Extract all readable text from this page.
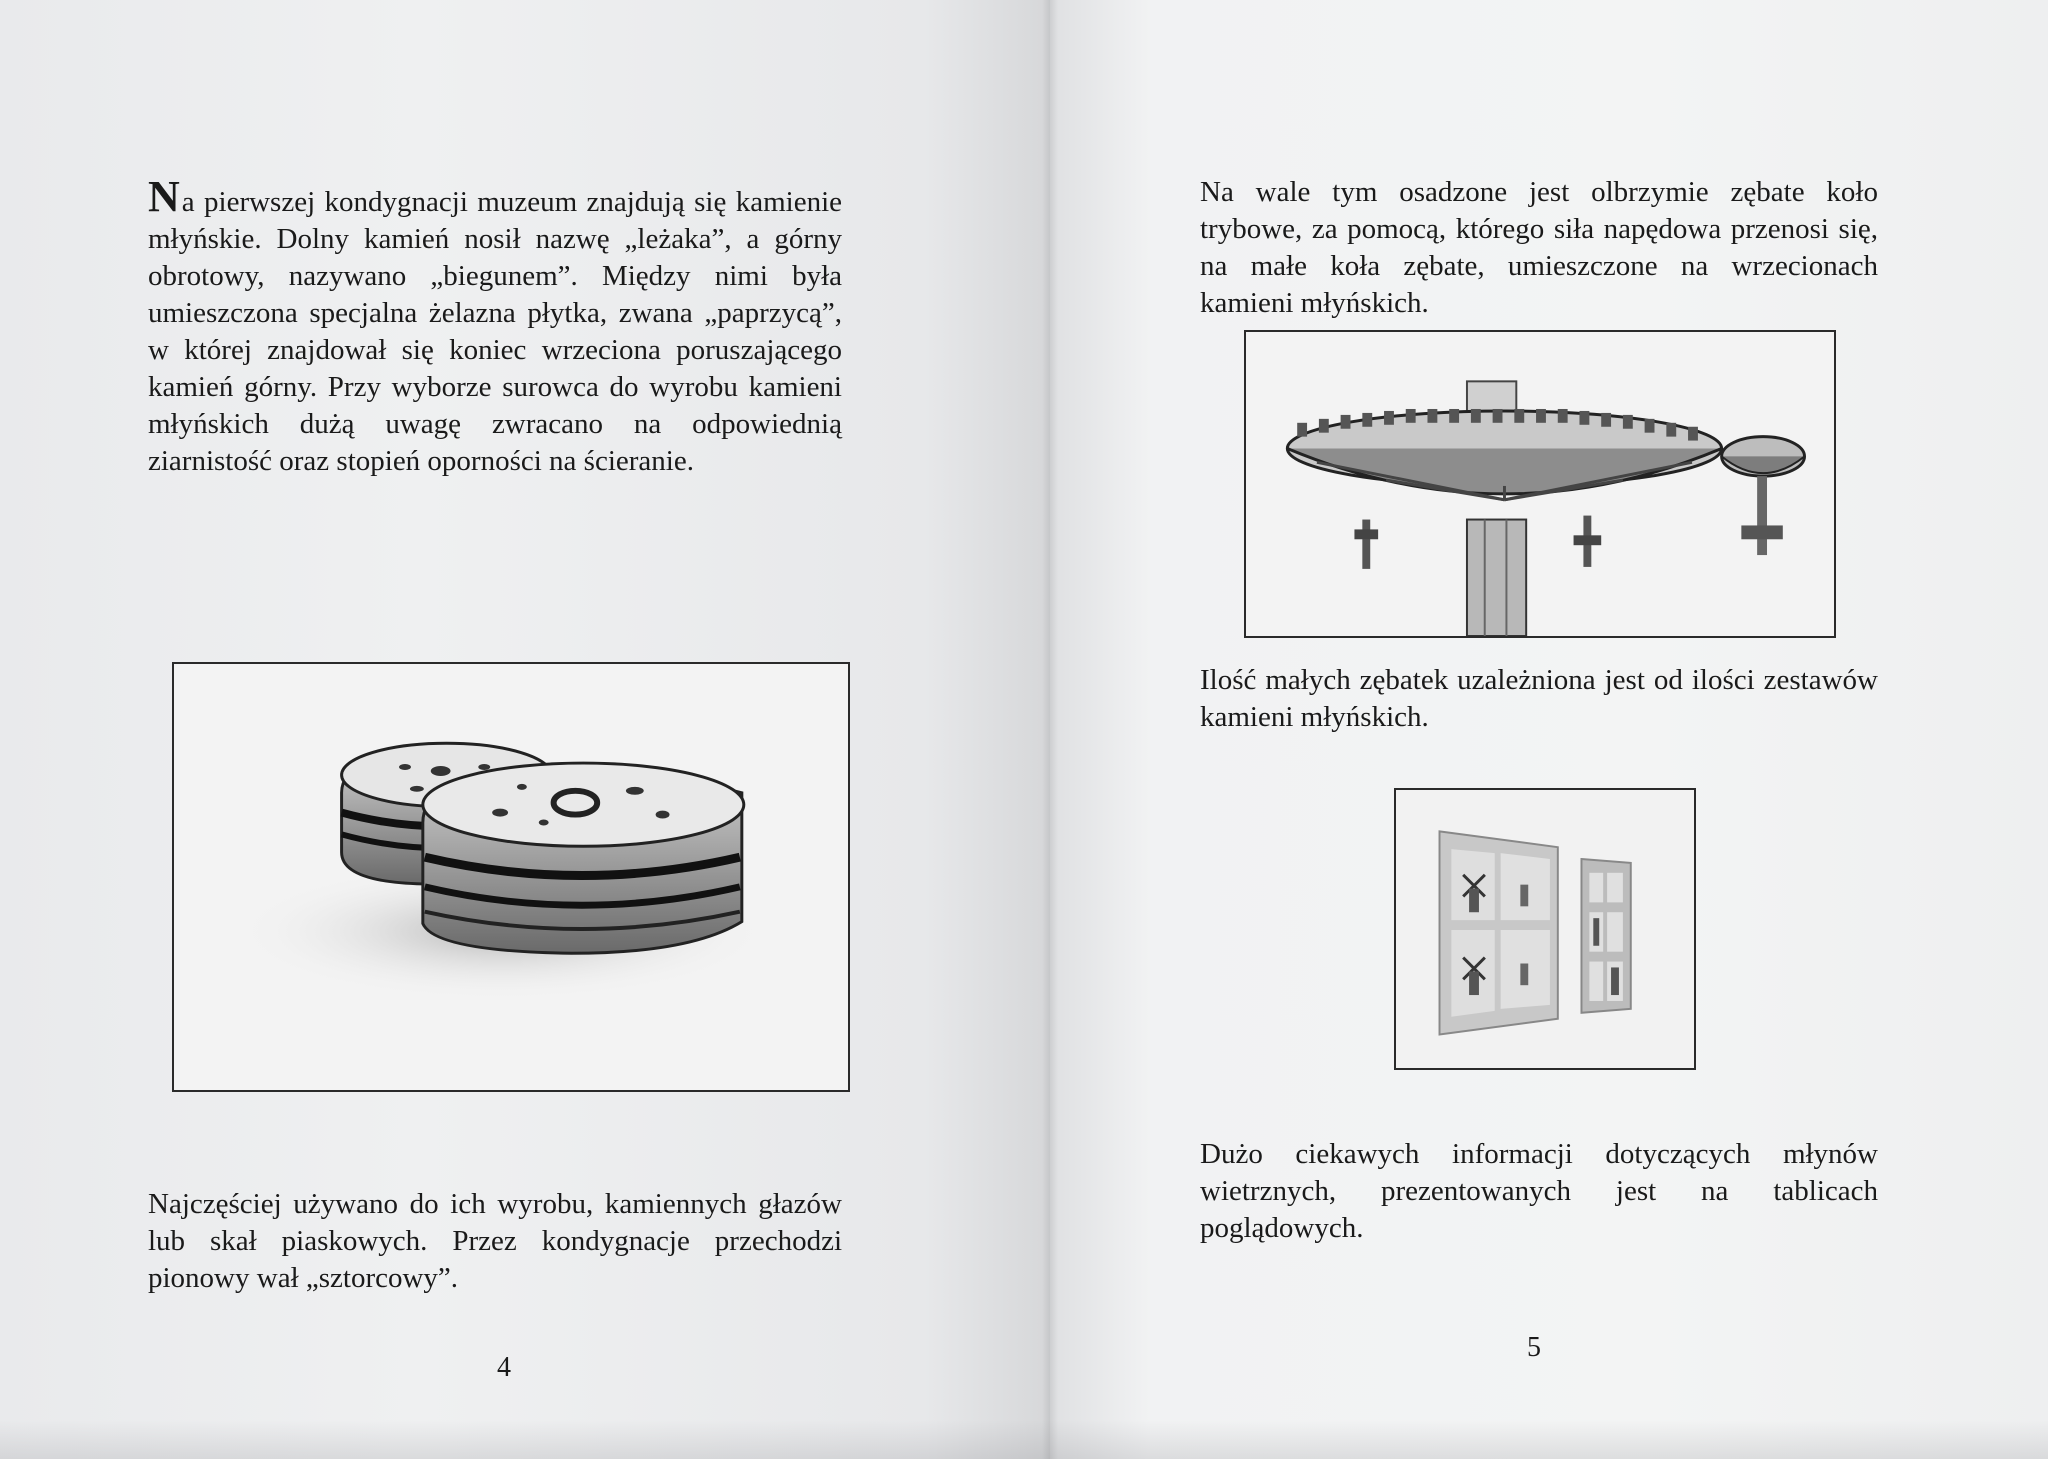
Na pierwszej kondygnacji muzeum znajdują się kamienie młyńskie. Dolny kamień nosił nazwę „leżaka”, a górny obrotowy, nazywano „biegunem”. Między nimi była umieszczona specjalna żelazna płytka, zwana „paprzycą”, w której znajdował się koniec wrzeciona poruszającego kamień górny. Przy wyborze surowca do wyrobu kamieni młyńskich dużą uwagę zwracano na odpowiednią ziarnistość oraz stopień oporności na ścieranie.

Najczęściej używano do ich wyrobu, kamiennych głazów lub skał piaskowych. Przez kondygnacje przechodzi pionowy wał „sztorcowy”.

4

Na wale tym osadzone jest olbrzymie zębate koło trybowe, za pomocą, którego siła napędowa przenosi się, na małe koła zębate, umieszczone na wrzecionach kamieni młyńskich.

Ilość małych zębatek uzależniona jest od ilości zestawów kamieni młyńskich.

Dużo ciekawych informacji dotyczących młynów wietrznych, prezentowanych jest na tablicach poglądowych.

5
